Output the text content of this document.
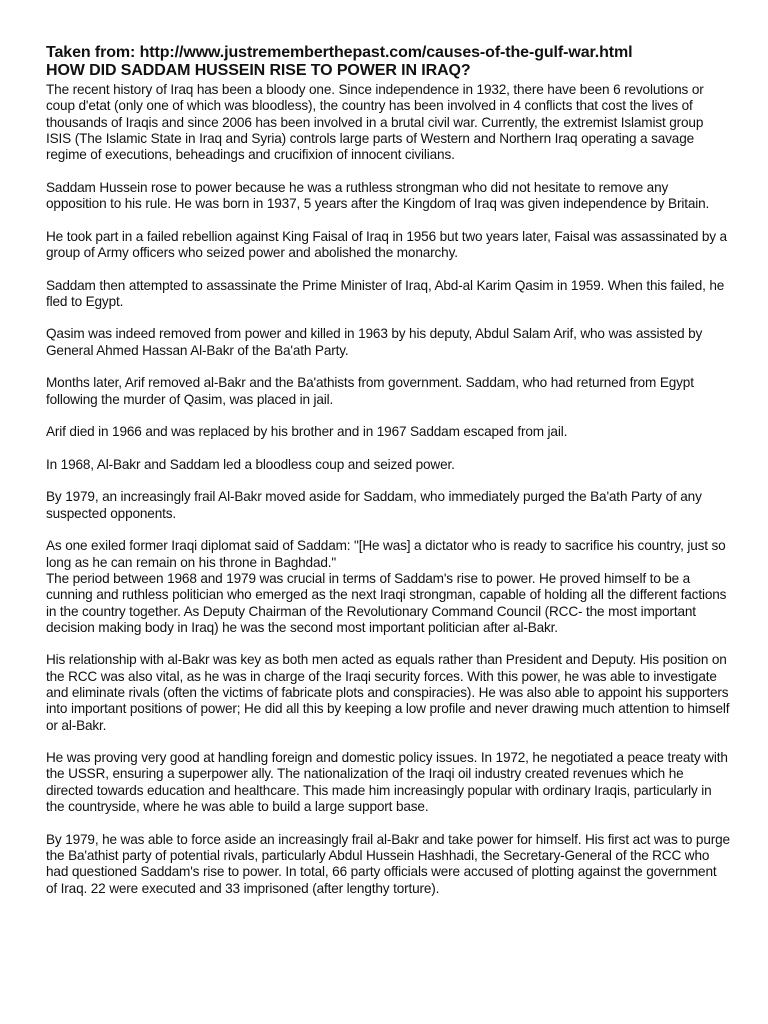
Taken from: http://www.justrememberthepast.com/causes-of-the-gulf-war.html

HOW DID SADDAM HUSSEIN RISE TO POWER IN IRAQ?

The recent history of Iraq has been a bloody one. Since independence in 1932, there have been 6 revolutions or coup d'etat (only one of which was bloodless), the country has been involved in 4 conflicts that cost the lives of thousands of Iraqis and since 2006 has been involved in a brutal civil war. Currently, the extremist Islamist group ISIS (The Islamic State in Iraq and Syria) controls large parts of Western and Northern Iraq operating a savage regime of executions, beheadings and crucifixion of innocent civilians.

Saddam Hussein rose to power because he was a ruthless strongman who did not hesitate to remove any opposition to his rule. He was born in 1937, 5 years after the Kingdom of Iraq was given independence by Britain.

He took part in a failed rebellion against King Faisal of Iraq in 1956 but two years later, Faisal was assassinated by a group of Army officers who seized power and abolished the monarchy.

Saddam then attempted to assassinate the Prime Minister of Iraq, Abd-al Karim Qasim in 1959. When this failed, he fled to Egypt.

Qasim was indeed removed from power and killed in 1963 by his deputy, Abdul Salam Arif, who was assisted by General Ahmed Hassan Al-Bakr of the Ba'ath Party.

Months later, Arif removed al-Bakr and the Ba'athists from government. Saddam, who had returned from Egypt following the murder of Qasim, was placed in jail.

Arif died in 1966 and was replaced by his brother and in 1967 Saddam escaped from jail.

In 1968, Al-Bakr and Saddam led a bloodless coup and seized power.

By 1979, an increasingly frail Al-Bakr moved aside for Saddam, who immediately purged the Ba'ath Party of any suspected opponents.

As one exiled former Iraqi diplomat said of Saddam: "[He was] a dictator who is ready to sacrifice his country, just so long as he can remain on his throne in Baghdad."

The period between 1968 and 1979 was crucial in terms of Saddam's rise to power. He proved himself to be a cunning and ruthless politician who emerged as the next Iraqi strongman, capable of holding all the different factions in the country together. As Deputy Chairman of the Revolutionary Command Council (RCC- the most important decision making body in Iraq) he was the second most important politician after al-Bakr.

His relationship with al-Bakr was key as both men acted as equals rather than President and Deputy. His position on the RCC was also vital, as he was in charge of the Iraqi security forces. With this power, he was able to investigate and eliminate rivals (often the victims of fabricate plots and conspiracies). He was also able to appoint his supporters into important positions of power; He did all this by keeping a low profile and never drawing much attention to himself or al-Bakr.

He was proving very good at handling foreign and domestic policy issues. In 1972, he negotiated a peace treaty with the USSR, ensuring a superpower ally. The nationalization of the Iraqi oil industry created revenues which he directed towards education and healthcare. This made him increasingly popular with ordinary Iraqis, particularly in the countryside, where he was able to build a large support base.

By 1979, he was able to force aside an increasingly frail al-Bakr and take power for himself. His first act was to purge the Ba'athist party of potential rivals, particularly Abdul Hussein Hashhadi, the Secretary-General of the RCC who had questioned Saddam's rise to power. In total, 66 party officials were accused of plotting against the government of Iraq. 22 were executed and 33 imprisoned (after lengthy torture).
